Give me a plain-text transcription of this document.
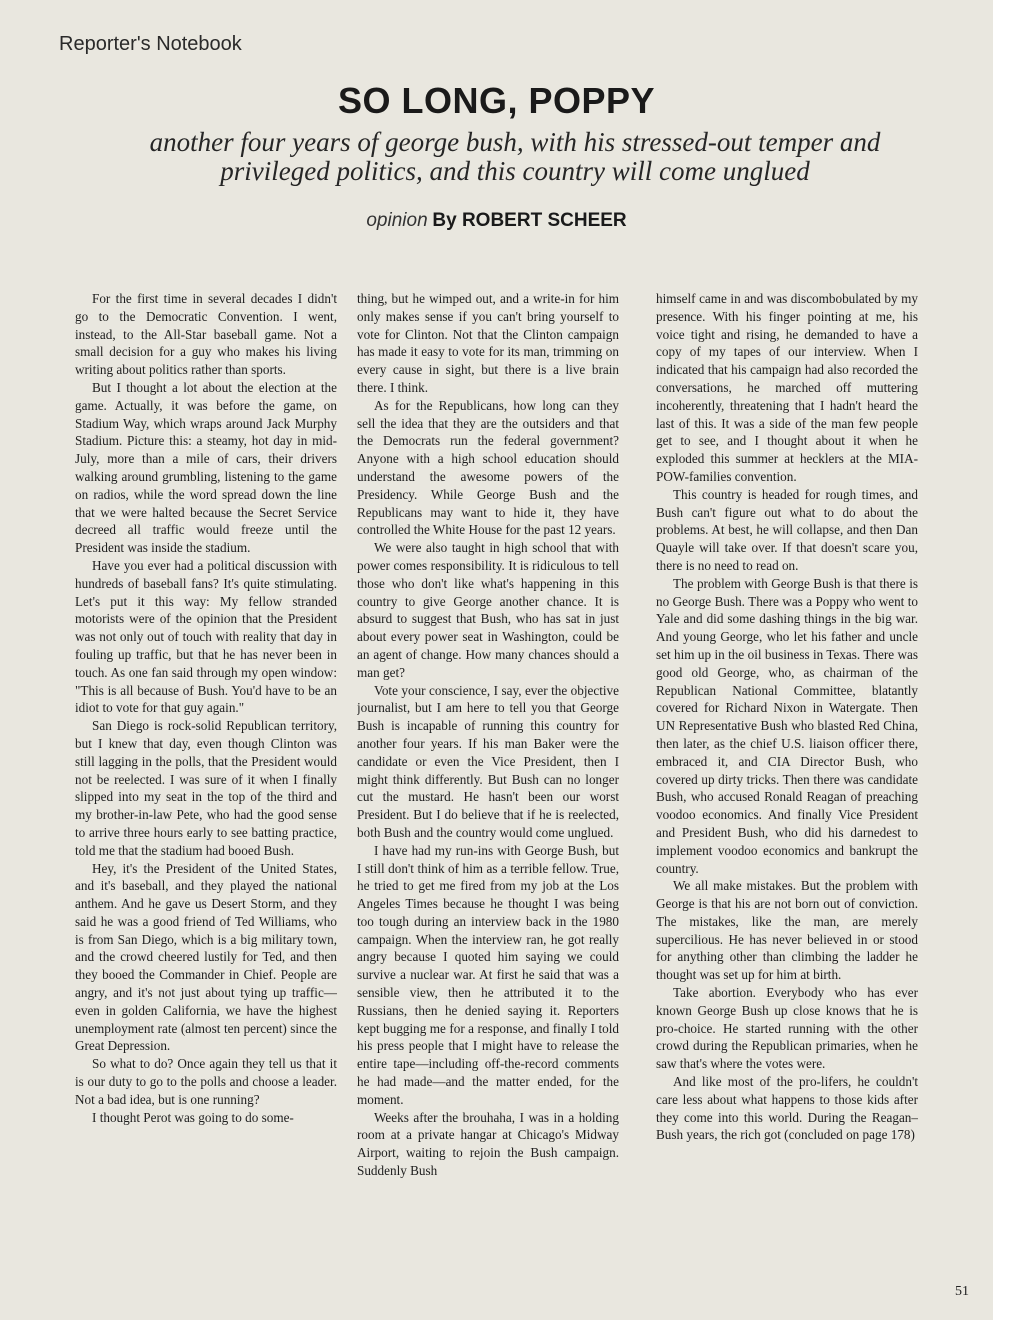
Reporter's Notebook
SO LONG, POPPY
another four years of george bush, with his stressed-out temper and privileged politics, and this country will come unglued
opinion By ROBERT SCHEER

For the first time in several decades I didn't go to the Democratic Convention. I went, instead, to the All-Star baseball game. Not a small decision for a guy who makes his living writing about politics rather than sports.

But I thought a lot about the election at the game. Actually, it was before the game, on Stadium Way, which wraps around Jack Murphy Stadium. Picture this: a steamy, hot day in mid-July, more than a mile of cars, their drivers walking around grumbling, listening to the game on radios, while the word spread down the line that we were halted because the Secret Service decreed all traffic would freeze until the President was inside the stadium.

Have you ever had a political discussion with hundreds of baseball fans? It's quite stimulating. Let's put it this way: My fellow stranded motorists were of the opinion that the President was not only out of touch with reality that day in fouling up traffic, but that he has never been in touch. As one fan said through my open window: "This is all because of Bush. You'd have to be an idiot to vote for that guy again."

San Diego is rock-solid Republican territory, but I knew that day, even though Clinton was still lagging in the polls, that the President would not be reelected. I was sure of it when I finally slipped into my seat in the top of the third and my brother-in-law Pete, who had the good sense to arrive three hours early to see batting practice, told me that the stadium had booed Bush.

Hey, it's the President of the United States, and it's baseball, and they played the national anthem. And he gave us Desert Storm, and they said he was a good friend of Ted Williams, who is from San Diego, which is a big military town, and the crowd cheered lustily for Ted, and then they booed the Commander in Chief. People are angry, and it's not just about tying up traffic—even in golden California, we have the highest unemployment rate (almost ten percent) since the Great Depression.

So what to do? Once again they tell us that it is our duty to go to the polls and choose a leader. Not a bad idea, but is one running?

I thought Perot was going to do some-

thing, but he wimped out, and a write-in for him only makes sense if you can't bring yourself to vote for Clinton. Not that the Clinton campaign has made it easy to vote for its man, trimming on every cause in sight, but there is a live brain there. I think.

As for the Republicans, how long can they sell the idea that they are the outsiders and that the Democrats run the federal government? Anyone with a high school education should understand the awesome powers of the Presidency. While George Bush and the Republicans may want to hide it, they have controlled the White House for the past 12 years.

We were also taught in high school that with power comes responsibility. It is ridiculous to tell those who don't like what's happening in this country to give George another chance. It is absurd to suggest that Bush, who has sat in just about every power seat in Washington, could be an agent of change. How many chances should a man get?

Vote your conscience, I say, ever the objective journalist, but I am here to tell you that George Bush is incapable of running this country for another four years. If his man Baker were the candidate or even the Vice President, then I might think differently. But Bush can no longer cut the mustard. He hasn't been our worst President. But I do believe that if he is reelected, both Bush and the country would come unglued.

I have had my run-ins with George Bush, but I still don't think of him as a terrible fellow. True, he tried to get me fired from my job at the Los Angeles Times because he thought I was being too tough during an interview back in the 1980 campaign. When the interview ran, he got really angry because I quoted him saying we could survive a nuclear war. At first he said that was a sensible view, then he attributed it to the Russians, then he denied saying it. Reporters kept bugging me for a response, and finally I told his press people that I might have to release the entire tape—including off-the-record comments he had made—and the matter ended, for the moment.

Weeks after the brouhaha, I was in a holding room at a private hangar at Chicago's Midway Airport, waiting to rejoin the Bush campaign. Suddenly Bush

himself came in and was discombobulated by my presence. With his finger pointing at me, his voice tight and rising, he demanded to have a copy of my tapes of our interview. When I indicated that his campaign had also recorded the conversations, he marched off muttering incoherently, threatening that I hadn't heard the last of this. It was a side of the man few people get to see, and I thought about it when he exploded this summer at hecklers at the MIA-POW-families convention.

This country is headed for rough times, and Bush can't figure out what to do about the problems. At best, he will collapse, and then Dan Quayle will take over. If that doesn't scare you, there is no need to read on.

The problem with George Bush is that there is no George Bush. There was a Poppy who went to Yale and did some dashing things in the big war. And young George, who let his father and uncle set him up in the oil business in Texas. There was good old George, who, as chairman of the Republican National Committee, blatantly covered for Richard Nixon in Watergate. Then UN Representative Bush who blasted Red China, then later, as the chief U.S. liaison officer there, embraced it, and CIA Director Bush, who covered up dirty tricks. Then there was candidate Bush, who accused Ronald Reagan of preaching voodoo economics. And finally Vice President and President Bush, who did his darnedest to implement voodoo economics and bankrupt the country.

We all make mistakes. But the problem with George is that his are not born out of conviction. The mistakes, like the man, are merely supercilious. He has never believed in or stood for anything other than climbing the ladder he thought was set up for him at birth.

Take abortion. Everybody who has ever known George Bush up close knows that he is pro-choice. He started running with the other crowd during the Republican primaries, when he saw that's where the votes were.

And like most of the pro-lifers, he couldn't care less about what happens to those kids after they come into this world. During the Reagan–Bush years, the rich got (concluded on page 178)

51
